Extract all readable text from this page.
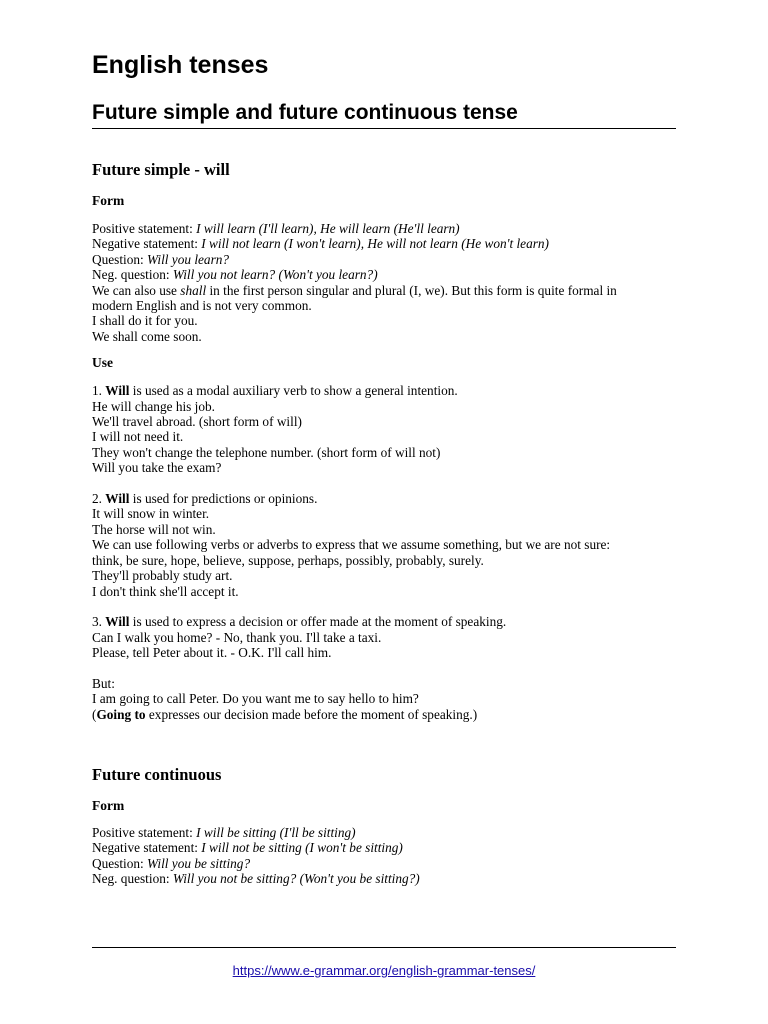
English tenses
Future simple and future continuous tense
Future simple - will
Form
Positive statement: I will learn (I'll learn), He will learn (He'll learn)
Negative statement: I will not learn (I won't learn), He will not learn (He won't learn)
Question: Will you learn?
Neg. question: Will you not learn? (Won't you learn?)
We can also use shall in the first person singular and plural (I, we). But this form is quite formal in
modern English and is not very common.
I shall do it for you.
We shall come soon.
Use
1. Will is used as a modal auxiliary verb to show a general intention.
He will change his job.
We'll travel abroad. (short form of will)
I will not need it.
They won't change the telephone number. (short form of will not)
Will you take the exam?
2. Will is used for predictions or opinions.
It will snow in winter.
The horse will not win.
We can use following verbs or adverbs to express that we assume something, but we are not sure:
think, be sure, hope, believe, suppose, perhaps, possibly, probably, surely.
They'll probably study art.
I don't think she'll accept it.
3. Will is used to express a decision or offer made at the moment of speaking.
Can I walk you home? - No, thank you. I'll take a taxi.
Please, tell Peter about it. - O.K. I'll call him.
But:
I am going to call Peter. Do you want me to say hello to him?
(Going to expresses our decision made before the moment of speaking.)
Future continuous
Form
Positive statement: I will be sitting (I'll be sitting)
Negative statement: I will not be sitting (I won't be sitting)
Question: Will you be sitting?
Neg. question: Will you not be sitting? (Won't you be sitting?)
https://www.e-grammar.org/english-grammar-tenses/
